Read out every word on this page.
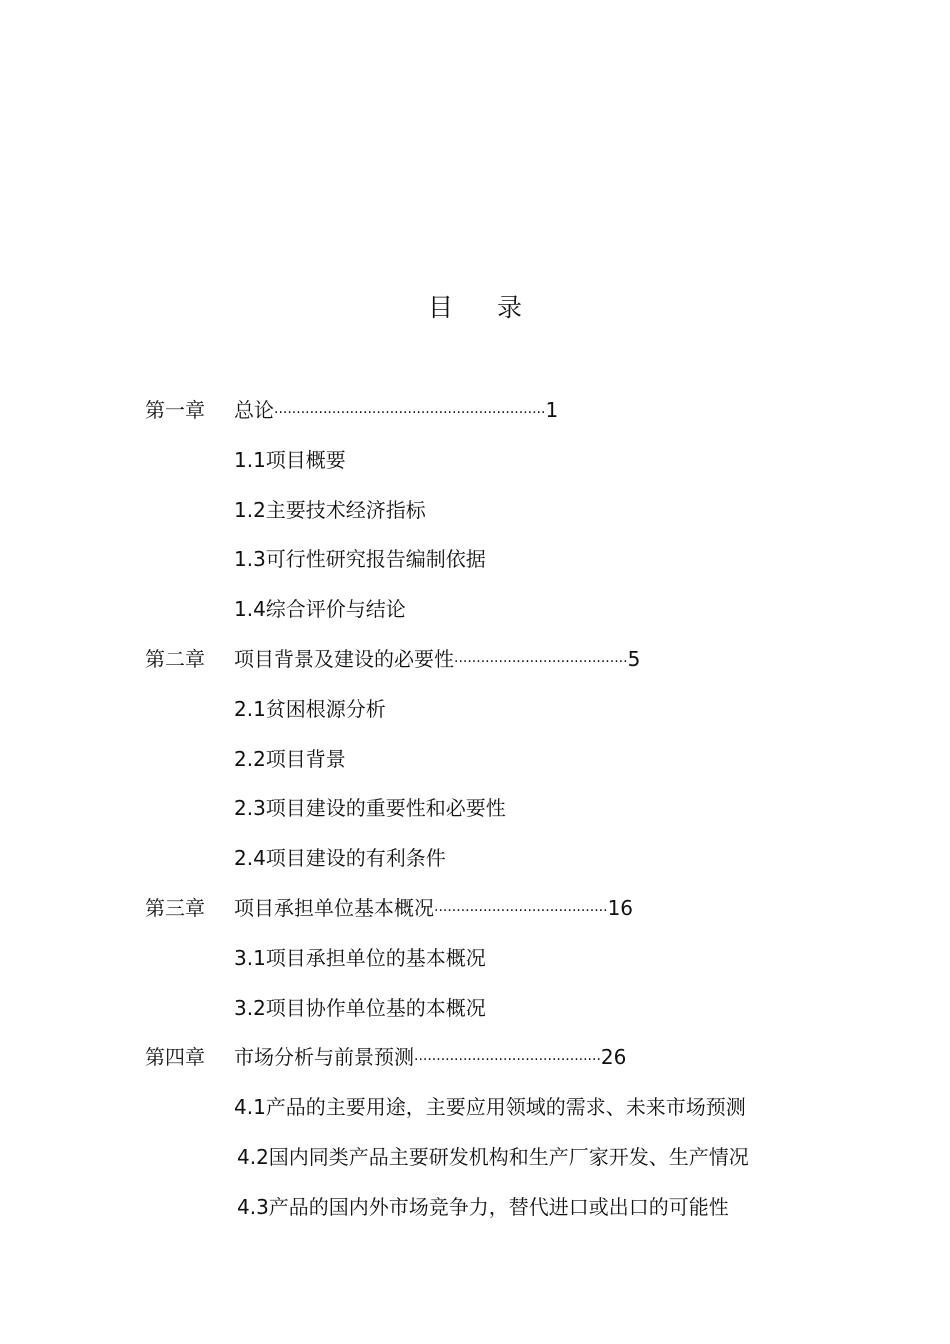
目 录
第一章 总论·····························································1
1.1项目概要
1.2主要技术经济指标
1.3可行性研究报告编制依据
1.4综合评价与结论
第二章 项目背景及建设的必要性·······································5
2.1贫困根源分析
2.2项目背景
2.3项目建设的重要性和必要性
2.4项目建设的有利条件
第三章 项目承担单位基本概况·······································16
3.1项目承担单位的基本概况
3.2项目协作单位基的本概况
第四章 市场分析与前景预测··········································26
4.1产品的主要用途，主要应用领域的需求、未来市场预测
4.2国内同类产品主要研发机构和生产厂家开发、生产情况
4.3产品的国内外市场竞争力，替代进口或出口的可能性
